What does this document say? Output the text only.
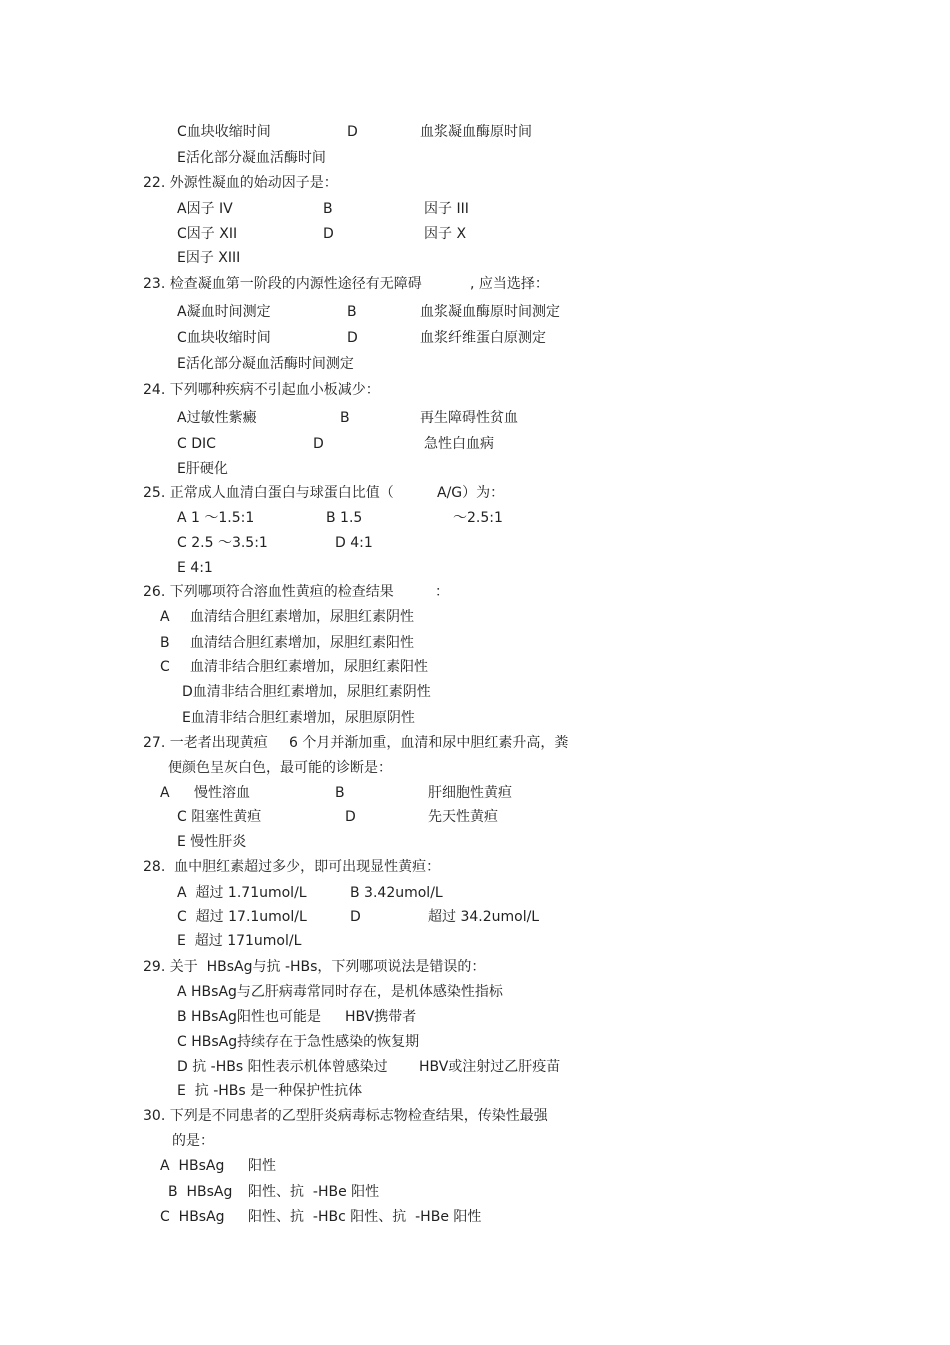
C血块收缩时间	D	血浆凝血酶原时间
E活化部分凝血活酶时间
22. 外源性凝血的始动因子是：
A因子 IV	B	因子 III
C因子 XII	D	因子 X
E因子 XIII
23. 检查凝血第一阶段的内源性途径有无障碍	, 应当选择：
A凝血时间测定	B	血浆凝血酶原时间测定
C血块收缩时间	D	血浆纤维蛋白原测定
E活化部分凝血活酶时间测定
24. 下列哪种疾病不引起血小板减少：
A过敏性紫癜	B	再生障碍性贫血
C DIC	D	急性白血病
E肝硬化
25. 正常成人血清白蛋白与球蛋白比值（	A/G）为：
A 1 ～1.5:1	B 1.5	～2.5:1
C 2.5 ～3.5:1	D 4:1
E 4:1
26. 下列哪项符合溶血性黄疸的检查结果	：
A 血清结合胆红素增加，尿胆红素阴性
B 血清结合胆红素增加，尿胆红素阳性
C 血清非结合胆红素增加，尿胆红素阳性
D血清非结合胆红素增加，尿胆红素阴性
E血清非结合胆红素增加，尿胆原阴性
27. 一老者出现黄疸 6 个月并渐加重，血清和尿中胆红素升高，粪
便颜色呈灰白色，最可能的诊断是：
A 慢性溶血	B	肝细胞性黄疸
C 阻塞性黄疸	D	先天性黄疸
E 慢性肝炎
28.  血中胆红素超过多少，即可出现显性黄疸：
A  超过 1.71umol/L	B 3.42umol/L
C  超过 17.1umol/L	D	超过 34.2umol/L
E  超过 171umol/L
29. 关于  HBsAg与抗 -HBs，下列哪项说法是错误的：
A HBsAg与乙肝病毒常同时存在，是机体感染性指标
B HBsAg阳性也可能是 HBV携带者
C HBsAg持续存在于急性感染的恢复期
D 抗 -HBs 阳性表示机体曾感染过 HBV或注射过乙肝疫苗
E  抗 -HBs 是一种保护性抗体
30. 下列是不同患者的乙型肝炎病毒标志物检查结果，传染性最强
的是：
A  HBsAg 阳性
B  HBsAg 阳性、抗  -HBe 阳性
C  HBsAg 阳性、抗  -HBc 阳性、抗  -HBe 阳性
